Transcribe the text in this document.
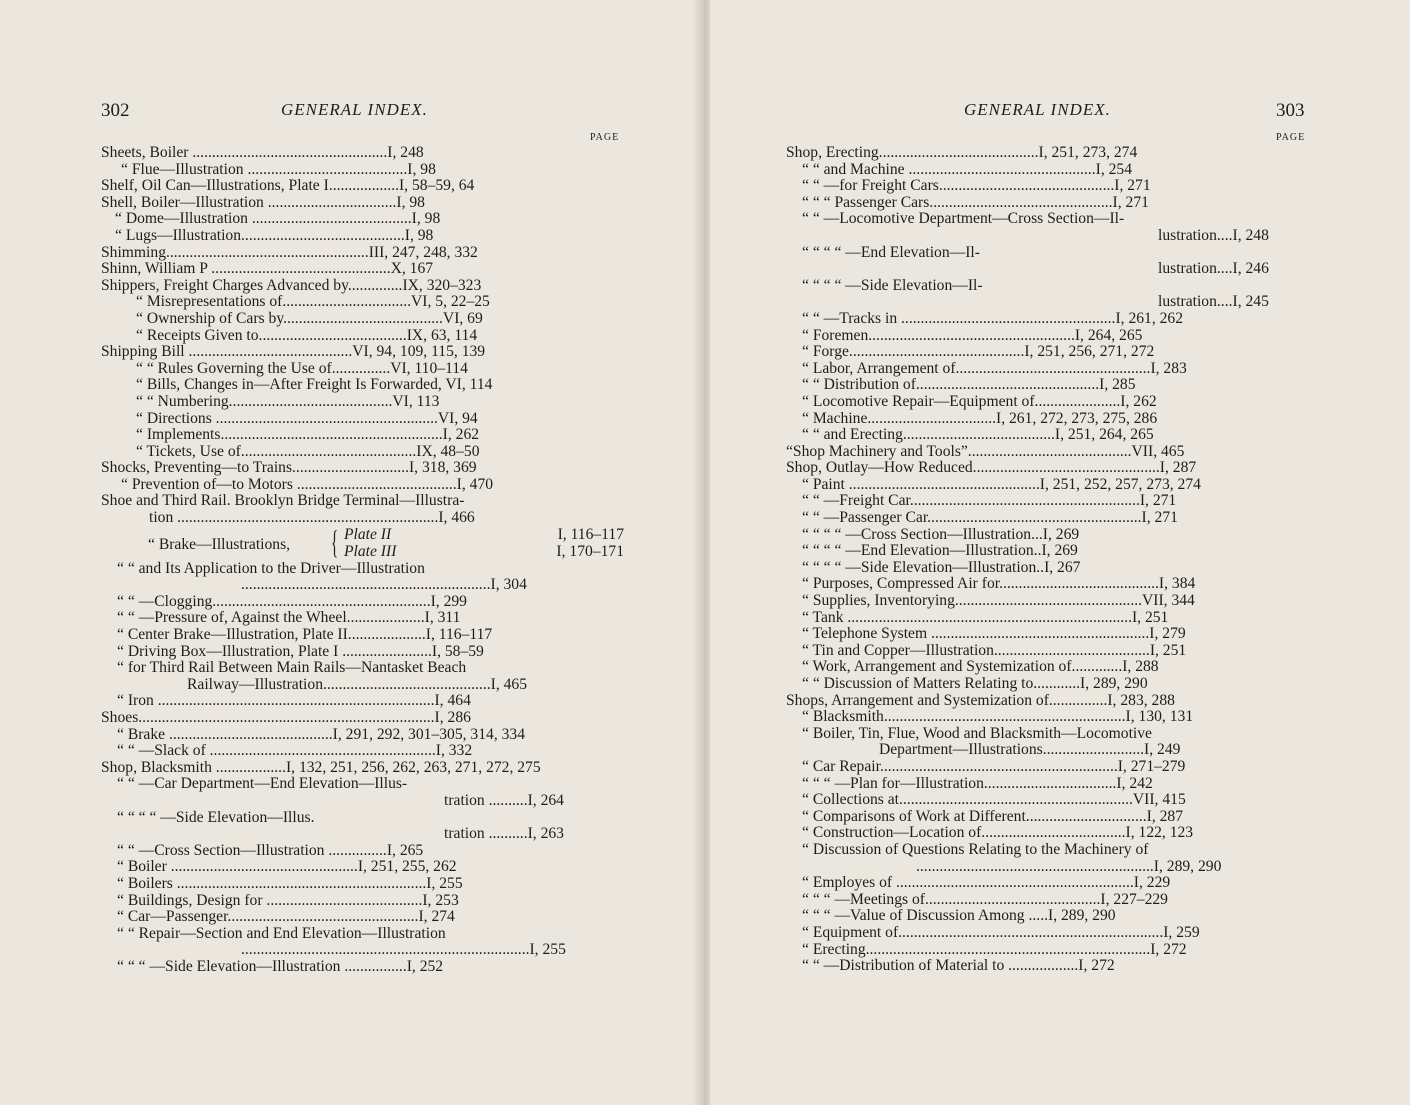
302	GENERAL INDEX.
PAGE
Sheets, Boiler ..................................................I, 248
“ Flue—Illustration .........................................I, 98
Shelf, Oil Can—Illustrations, Plate I..................I, 58–59, 64
Shell, Boiler—Illustration .................................I, 98
“ Dome—Illustration .........................................I, 98
“ Lugs—Illustration..........................................I, 98
Shimming....................................................III, 247, 248, 332
Shinn, William P ..............................................X, 167
Shippers, Freight Charges Advanced by..............IX, 320–323
“ Misrepresentations of.................................VI, 5, 22–25
“ Ownership of Cars by.........................................VI, 69
“ Receipts Given to......................................IX, 63, 114
Shipping Bill ..........................................VI, 94, 109, 115, 139
“ “ Rules Governing the Use of...............VI, 110–114
“ Bills, Changes in—After Freight Is Forwarded, VI, 114
“ “ Numbering..........................................VI, 113
“ Directions .........................................................VI, 94
“ Implements.........................................................I, 262
“ Tickets, Use of.............................................IX, 48–50
Shocks, Preventing—to Trains..............................I, 318, 369
“ Prevention of—to Motors .........................................I, 470
Shoe and Third Rail. Brooklyn Bridge Terminal—Illustra-
tion ...................................................................I, 466
“ Brake—Illustrations, { Plate II	I, 116–117
Plate III	I, 170–171
“ “ and Its Application to the Driver—Illustration
................................................................I, 304
“ “ —Clogging........................................................I, 299
“ “ —Pressure of, Against the Wheel....................I, 311
“ Center Brake—Illustration, Plate II....................I, 116–117
“ Driving Box—Illustration, Plate I .......................I, 58–59
“ for Third Rail Between Main Rails—Nantasket Beach
Railway—Illustration...........................................I, 465
“ Iron .......................................................................I, 464
Shoes............................................................................I, 286
“ Brake ..........................................I, 291, 292, 301–305, 314, 334
“ “ —Slack of ..........................................................I, 332
Shop, Blacksmith ..................I, 132, 251, 256, 262, 263, 271, 272, 275
“ “ —Car Department—End Elevation—Illus-
tration ..........I, 264
“ “ “ “ —Side Elevation—Illus.
tration ..........I, 263
“ “ —Cross Section—Illustration ...............I, 265
“ Boiler ................................................I, 251, 255, 262
“ Boilers ................................................................I, 255
“ Buildings, Design for ........................................I, 253
“ Car—Passenger.................................................I, 274
“ “ Repair—Section and End Elevation—Illustration
..........................................................................I, 255
“ “ “ —Side Elevation—Illustration ................I, 252
GENERAL INDEX.	303
PAGE
Shop, Erecting.........................................I, 251, 273, 274
“ “ and Machine ................................................I, 254
“ “ —for Freight Cars.............................................I, 271
“ “ “ Passenger Cars...............................................I, 271
“ “ —Locomotive Department—Cross Section—Il-
lustration....I, 248
“ “ “ “ —End Elevation—Il-
lustration....I, 246
“ “ “ “ —Side Elevation—Il-
lustration....I, 245
“ “ —Tracks in .......................................................I, 261, 262
“ Foremen.....................................................I, 264, 265
“ Forge.............................................I, 251, 256, 271, 272
“ Labor, Arrangement of..................................................I, 283
“ “ Distribution of...............................................I, 285
“ Locomotive Repair—Equipment of......................I, 262
“ Machine.................................I, 261, 272, 273, 275, 286
“ “ and Erecting.......................................I, 251, 264, 265
“Shop Machinery and Tools”..........................................VII, 465
Shop, Outlay—How Reduced................................................I, 287
“ Paint .................................................I, 251, 252, 257, 273, 274
“ “ —Freight Car...........................................................I, 271
“ “ —Passenger Car.......................................................I, 271
“ “ “ “ —Cross Section—Illustration...I, 269
“ “ “ “ —End Elevation—Illustration..I, 269
“ “ “ “ —Side Elevation—Illustration..I, 267
“ Purposes, Compressed Air for.........................................I, 384
“ Supplies, Inventorying................................................VII, 344
“ Tank .........................................................................I, 251
“ Telephone System ........................................................I, 279
“ Tin and Copper—Illustration........................................I, 251
“ Work, Arrangement and Systemization of.............I, 288
“ “ Discussion of Matters Relating to............I, 289, 290
Shops, Arrangement and Systemization of...............I, 283, 288
“ Blacksmith..............................................................I, 130, 131
“ Boiler, Tin, Flue, Wood and Blacksmith—Locomotive
Department—Illustrations..........................I, 249
“ Car Repair.............................................................I, 271–279
“ “ “ —Plan for—Illustration..................................I, 242
“ Collections at............................................................VII, 415
“ Comparisons of Work at Different...............................I, 287
“ Construction—Location of.....................................I, 122, 123
“ Discussion of Questions Relating to the Machinery of
.............................................................I, 289, 290
“ Employes of .............................................................I, 229
“ “ “ —Meetings of.............................................I, 227–229
“ “ “ —Value of Discussion Among .....I, 289, 290
“ Equipment of....................................................................I, 259
“ Erecting.........................................................................I, 272
“ “ —Distribution of Material to ..................I, 272
